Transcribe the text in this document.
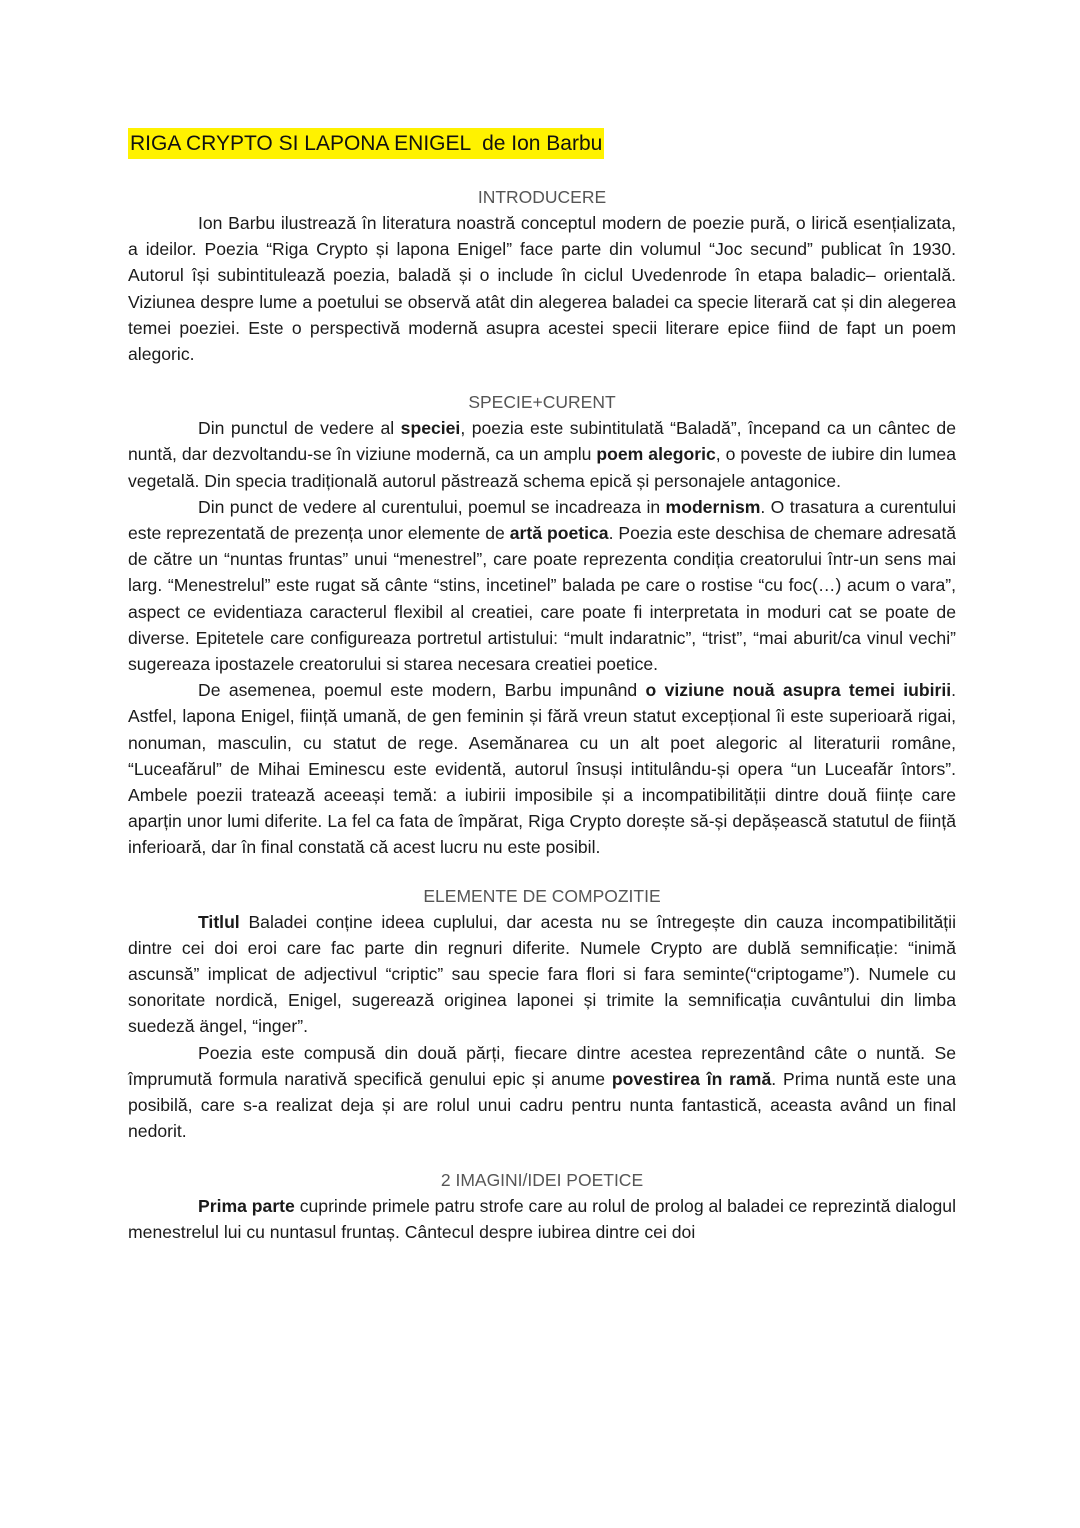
RIGA CRYPTO SI LAPONA ENIGEL  de Ion Barbu
INTRODUCERE

Ion Barbu ilustrează în literatura noastră conceptul modern de poezie pură, o lirică esențializata, a ideilor. Poezia “Riga Crypto și lapona Enigel” face parte din volumul “Joc secund” publicat în 1930. Autorul își subintitulează poezia, baladă și o include în ciclul Uvedenrode în etapa baladic– orientală. Viziunea despre lume a poetului se observă atât din alegerea baladei ca specie literară cat și din alegerea temei poeziei. Este o perspectivă modernă asupra acestei specii literare epice fiind de fapt un poem alegoric.

SPECIE+CURENT

Din punctul de vedere al speciei, poezia este subintitulată “Baladă”, începand ca un cântec de nuntă, dar dezvoltandu-se în viziune modernă, ca un amplu poem alegoric, o poveste de iubire din lumea vegetală. Din specia tradițională autorul păstrează schema epică și personajele antagonice.

Din punct de vedere al curentului, poemul se incadreaza in modernism. O trasatura a curentului este reprezentată de prezența unor elemente de artă poetica. Poezia este deschisa de chemare adresată de către un “nuntas fruntas” unui “menestrel”, care poate reprezenta condiția creatorului într-un sens mai larg. “Menestrelul” este rugat să cânte “stins, incetinel” balada pe care o rostise “cu foc(…) acum o vara”, aspect ce evidentiaza caracterul flexibil al creatiei, care poate fi interpretata in moduri cat se poate de diverse. Epitetele care configureaza portretul artistului: “mult indaratnic”, “trist”, “mai aburit/ca vinul vechi” sugereaza ipostazele creatorului si starea necesara creatiei poetice.

De asemenea, poemul este modern, Barbu impunând o viziune nouă asupra temei iubirii. Astfel, lapona Enigel, ființă umană, de gen feminin și fără vreun statut excepțional îi este superioară rigai, nonuman, masculin, cu statut de rege. Asemănarea cu un alt poet alegoric al literaturii române, “Luceafărul” de Mihai Eminescu este evidentă, autorul însuși intitulându-și opera “un Luceafăr întors”. Ambele poezii tratează aceeași temă: a iubirii imposibile și a incompatibilității dintre două ființe care aparțin unor lumi diferite. La fel ca fata de împărat, Riga Crypto dorește să-și depășească statutul de ființă inferioară, dar în final constată că acest lucru nu este posibil.

ELEMENTE DE COMPOZITIE

Titlul Baladei conține ideea cuplului, dar acesta nu se întregește din cauza incompatibilității dintre cei doi eroi care fac parte din regnuri diferite. Numele Crypto are dublă semnificație: “inimă ascunsă” implicat de adjectivul “criptic” sau specie fara flori si fara seminte(“criptogame”). Numele cu sonoritate nordică, Enigel, sugerează originea laponei și trimite la semnificația cuvântului din limba suedeză ängel, “inger”.

Poezia este compusă din două părți, fiecare dintre acestea reprezentând câte o nuntă. Se împrumută formula narativă specifică genului epic și anume povestirea în ramă. Prima nuntă este una posibilă, care s-a realizat deja și are rolul unui cadru pentru nunta fantastică, aceasta având un final nedorit.

2 IMAGINI/IDEI POETICE

Prima parte cuprinde primele patru strofe care au rolul de prolog al baladei ce reprezintă dialogul menestrelul lui cu nuntasul fruntaș. Cântecul despre iubirea dintre cei doi
